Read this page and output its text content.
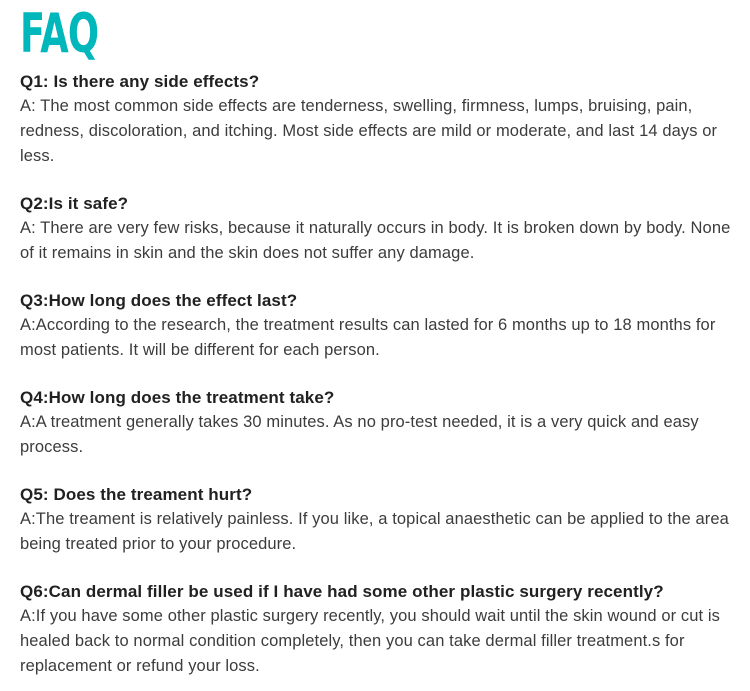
FAQ
Q1: Is there any side effects?

A: The most common side effects are tenderness, swelling, firmness, lumps, bruising, pain, redness, discoloration, and itching. Most side effects are mild or moderate, and last 14 days or less.

Q2:Is it safe?

A: There are very few risks, because it naturally occurs in body. It is broken down by body. None of it remains in skin and the skin does not suffer any damage.

Q3:How long does the effect last?

A:According to the research, the treatment results can lasted for 6 months up to 18 months for most patients. It will be different for each person.

Q4:How long does the treatment take?

A:A treatment generally takes 30 minutes. As no pro-test needed, it is a very quick and easy process.

Q5: Does the treament hurt?

A:The treament is relatively painless. If you like, a topical anaesthetic can be applied to the area being treated prior to your procedure.

Q6:Can dermal filler be used if I have had some other plastic surgery recently?

A:If you have some other plastic surgery recently, you should wait until the skin wound or cut is healed back to normal condition completely, then you can take dermal filler treatment.s for replacement or refund your loss.
